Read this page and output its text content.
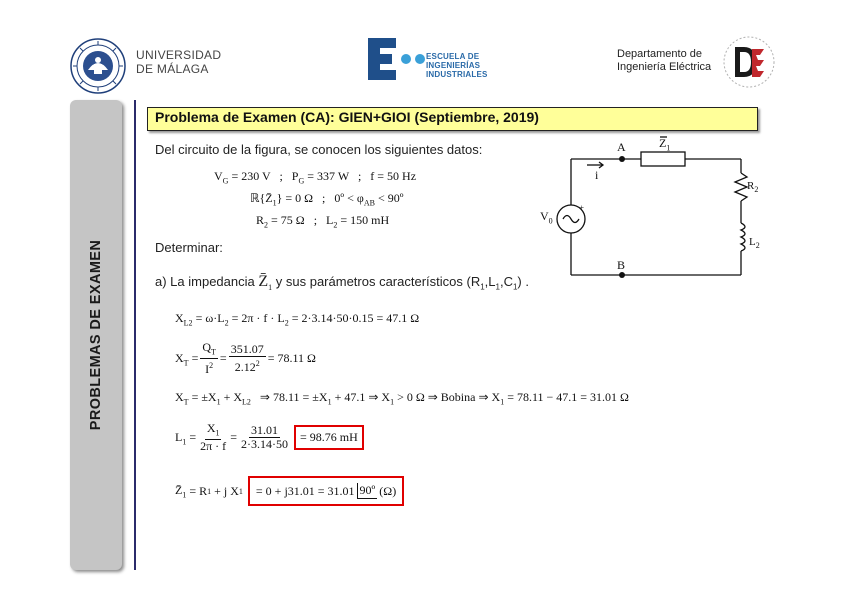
UNIVERSIDAD
DE MÁLAGA
ESCUELA DE
INGENIERÍAS
INDUSTRIALES
Departamento de
Ingeniería Eléctrica
PROBLEMAS DE EXAMEN
Problema de Examen (CA): GIEN+GIOI (Septiembre, 2019)
Del circuito de la figura, se conocen los siguientes datos:
$V_G = 230$ V   ;   $P_G = 337$ W   ;   f = 50 Hz
$ℝ\{Z̄_1\} = 0$ Ω   ;   0º < $\varphi_{AB}$ < 90º
$R_2 = 75$ Ω   ;   $L_2 = 150$ mH
Determinar:
a) La impedancia $Z̄_1$ y sus parámetros característicos $(R_1,L_1,C_1)$ .
+
A
B
i
$V_0$
$Z_1$
$R_2$
$L_2$
$X_{L2} = \omega\cdot L_2 = 2\pi \cdot f \cdot L_2 = 2\cdot 3.14\cdot 50\cdot 0.15 = 47.1$ Ω
$X_T = \frac{Q_T}{I^2} = \frac{351.07}{2.12^2} = 78.11$ Ω
$X_T = \pm X_1 + X_{L2}$ ⇒ $78.11 = \pm X_1 + 47.1$ ⇒ $X_1 > 0$ Ω ⇒ Bobina ⇒ $X_1 = 78.11 - 47.1 = 31.01$ Ω
$L_1 = \frac{X_1}{2\pi \cdot f} = \frac{31.01}{2\cdot 3.14\cdot 50} = 98.76$ mH
$Z̄_1 = R$ 1
+ j X 1
= 0 + j31.01 = 31.01 90º (Ω)
